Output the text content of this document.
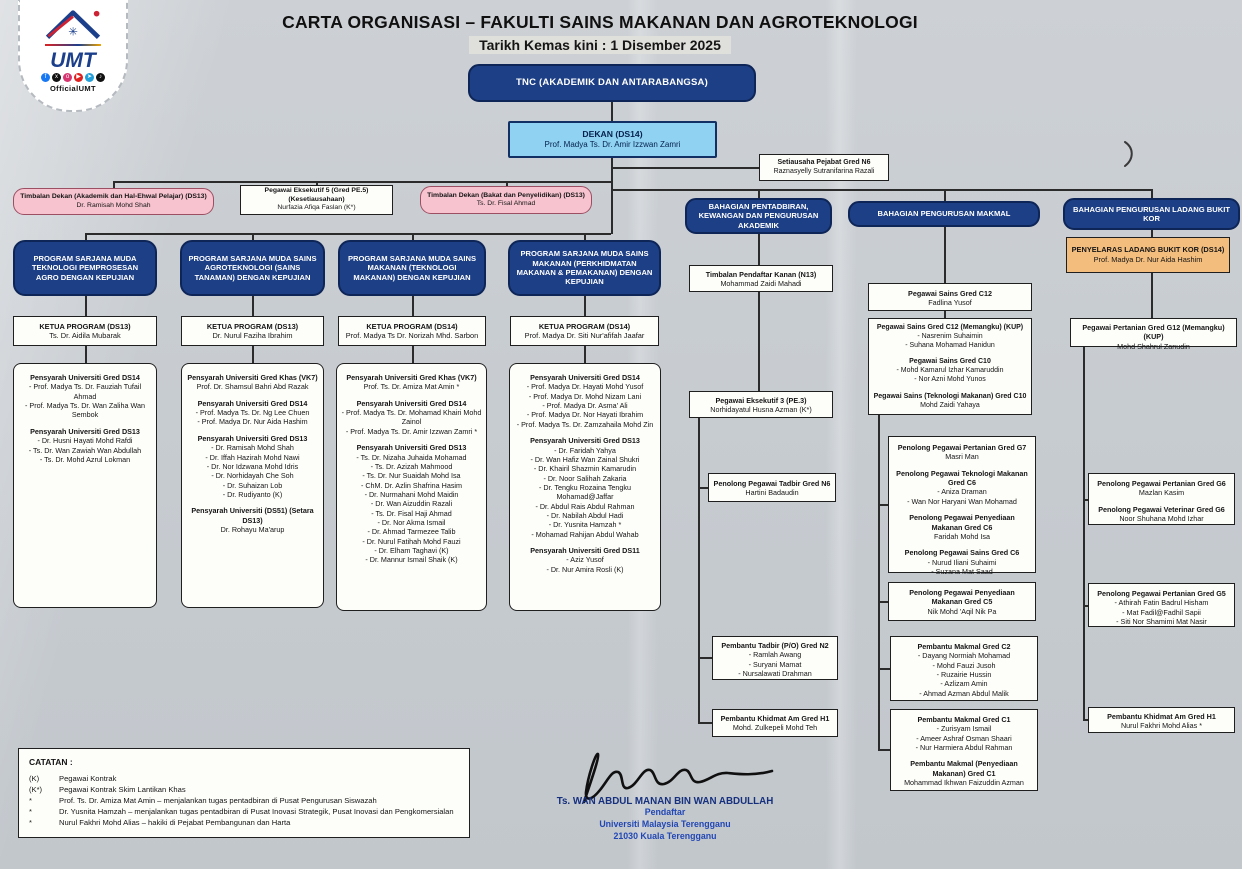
✳
UMT
f	x	o	▶	➤	♪
OfficialUMT
CARTA ORGANISASI – FAKULTI SAINS MAKANAN DAN AGROTEKNOLOGI
Tarikh Kemas kini : 1 Disember 2025
TNC (AKADEMIK DAN ANTARABANGSA)
DEKAN (DS14)
Prof. Madya Ts. Dr. Amir Izzwan Zamri
Setiausaha Pejabat Gred N6
Raznasyelly Sutranifarina Razali
Timbalan Dekan (Akademik dan Hal-Ehwal Pelajar) (DS13)
Dr. Ramisah Mohd Shah
Pegawai Eksekutif 5 (Gred PE.5)
(Kesetiausahaan)
Nurfazia Afiqa Faslan (K*)
Timbalan Dekan (Bakat dan Penyelidikan) (DS13)
Ts. Dr. Fisal Ahmad
PROGRAM SARJANA MUDA TEKNOLOGI PEMPROSESAN AGRO DENGAN KEPUJIAN
KETUA PROGRAM (DS13)
Ts. Dr. Aidila Mubarak
Pensyarah Universiti Gred DS14
- Prof. Madya Ts. Dr. Fauziah Tufail Ahmad
- Prof. Madya Ts. Dr. Wan Zaliha Wan Sembok
Pensyarah Universiti Gred DS13
- Dr. Husni Hayati Mohd Rafdi
- Ts. Dr. Wan Zawiah Wan Abdullah
- Ts. Dr. Mohd Azrul Lokman
PROGRAM SARJANA MUDA SAINS AGROTEKNOLOGI (SAINS TANAMAN) DENGAN KEPUJIAN
KETUA PROGRAM (DS13)
Dr. Nurul Faziha Ibrahim
Pensyarah Universiti Gred Khas (VK7)
Prof. Dr. Shamsul Bahri Abd Razak
Pensyarah Universiti Gred DS14
- Prof. Madya Ts. Dr. Ng Lee Chuen
- Prof. Madya Dr. Nur Aida Hashim
Pensyarah Universiti Gred DS13
- Dr. Ramisah Mohd Shah
- Dr. Iffah Hazirah Mohd Nawi
- Dr. Nor Idzwana Mohd Idris
- Dr. Norhidayah Che Soh
- Dr. Suhaizan Lob
- Dr. Rudiyanto (K)
Pensyarah Universiti (DS51) (Setara DS13)
Dr. Rohayu Ma'arup
PROGRAM SARJANA MUDA SAINS MAKANAN (TEKNOLOGI MAKANAN) DENGAN KEPUJIAN
KETUA PROGRAM (DS14)
Prof. Madya Ts Dr. Norizah Mhd. Sarbon
Pensyarah Universiti Gred Khas (VK7)
Prof. Ts. Dr. Amiza Mat Amin *
Pensyarah Universiti Gred DS14
- Prof. Madya Ts. Dr. Mohamad Khairi Mohd Zainol
- Prof. Madya Ts. Dr. Amir Izzwan Zamri *
Pensyarah Universiti Gred DS13
- Ts. Dr. Nizaha Juhaida Mohamad
- Ts. Dr. Azizah Mahmood
- Ts. Dr. Nur Suaidah Mohd Isa
- ChM. Dr. Azlin Shafrina Hasim
- Dr. Nurmahani Mohd Maidin
- Dr. Wan Aizuddin Razali
- Ts. Dr. Fisal Haji Ahmad
- Dr. Nor Akma Ismail
- Dr. Ahmad Tarmezee Talib
- Dr. Nurul Fatihah Mohd Fauzi
- Dr. Elham Taghavi (K)
- Dr. Mannur Ismail Shaik (K)
PROGRAM SARJANA MUDA SAINS MAKANAN (PERKHIDMATAN MAKANAN & PEMAKANAN) DENGAN KEPUJIAN
KETUA PROGRAM (DS14)
Prof. Madya Dr. Siti Nur'afifah Jaafar
Pensyarah Universiti Gred DS14
- Prof. Madya Dr. Hayati Mohd Yusof
- Prof. Madya Dr. Mohd Nizam Lani
- Prof. Madya Dr. Asma' Ali
- Prof. Madya Dr. Nor Hayati Ibrahim
- Prof. Madya Ts. Dr. Zamzahaila Mohd Zin
Pensyarah Universiti Gred DS13
- Dr. Faridah Yahya
- Dr. Wan Hafiz Wan Zainal Shukri
- Dr. Khairil Shazmin Kamarudin
- Dr. Noor Salihah Zakaria
- Dr. Tengku Rozaina Tengku Mohamad@Jaffar
- Dr. Abdul Rais Abdul Rahman
- Dr. Nabilah Abdul Hadi
- Dr. Yusnita Hamzah *
- Mohamad Rahijan Abdul Wahab
Pensyarah Universiti Gred DS11
- Aziz Yusof
- Dr. Nur Amira Rosli (K)
BAHAGIAN PENTADBIRAN, KEWANGAN DAN PENGURUSAN AKADEMIK
Timbalan Pendaftar Kanan (N13)
Mohammad Zaidi Mahadi
Pegawai Eksekutif 3 (PE.3)
Norhidayatul Husna Azman (K*)
Penolong Pegawai Tadbir Gred N6
Hartini Badaudin
Pembantu Tadbir (P/O) Gred N2
- Ramlah Awang
- Suryani Mamat
- Nursalawati Drahman
Pembantu Khidmat Am Gred H1
Mohd. Zulkepeli Mohd Teh
BAHAGIAN PENGURUSAN MAKMAL
Pegawai Sains Gred C12
Fadlina Yusof
Pegawai Sains Gred C12 (Memangku) (KUP)
- Nasrenim Suhaimin
- Suhana Mohamad Hanidun
Pegawai Sains Gred C10
- Mohd Kamarul Izhar Kamaruddin
- Nor Azni Mohd Yunos
Pegawai Sains (Teknologi Makanan) Gred C10
Mohd Zaidi Yahaya
Penolong Pegawai Pertanian Gred G7
Masri Man
Penolong Pegawai Teknologi Makanan Gred C6
- Aniza Draman
- Wan Nor Haryani Wan Mohamad
Penolong Pegawai Penyediaan Makanan Gred C6
Faridah Mohd Isa
Penolong Pegawai Sains Gred C6
- Nurud Iliani Suhaimi
- Suzana Mat Saad
Penolong Pegawai Penyediaan Makanan Gred C5
Nik Mohd 'Aqil Nik Pa
Pembantu Makmal Gred C2
- Dayang Normiah Mohamad
- Mohd Fauzi Jusoh
- Ruzairie Hussin
- Azlizam Amin
- Ahmad Azman Abdul Malik
Pembantu Makmal Gred C1
- Zurisyam Ismail
- Ameer Ashraf Osman Shaari
- Nur Harmiera Abdul Rahman
Pembantu Makmal (Penyediaan Makanan) Gred C1
Mohammad Ikhwan Faizuddin Azman
BAHAGIAN PENGURUSAN LADANG BUKIT KOR
PENYELARAS LADANG BUKIT KOR (DS14)
Prof. Madya Dr. Nur Aida Hashim
Pegawai Pertanian Gred G12 (Memangku) (KUP)
Mohd Shahrul Zanudin
Penolong Pegawai Pertanian Gred G6
Mazlan Kasim
Penolong Pegawai Veterinar Gred G6
Noor Shuhana Mohd Izhar
Penolong Pegawai Pertanian Gred G5
- Athirah Fatin Badrul Hisham
- Mat Fadil@Fadhil Sapii
- Siti Nor Shamimi Mat Nasir
Pembantu Khidmat Am Gred H1
Nurul Fakhri Mohd Alias *
CATATAN :
(K)	Pegawai Kontrak
(K*)	Pegawai Kontrak Skim Lantikan Khas
*	Prof. Ts. Dr. Amiza Mat Amin – menjalankan tugas pentadbiran di Pusat Pengurusan Siswazah
*	Dr. Yusnita Hamzah – menjalankan tugas pentadbiran di Pusat Inovasi Strategik, Pusat Inovasi dan Pengkomersialan
*	Nurul Fakhri Mohd Alias – hakiki di Pejabat Pembangunan dan Harta
Ts. WAN ABDUL MANAN BIN WAN ABDULLAH
Pendaftar
Universiti Malaysia Terengganu
21030 Kuala Terengganu
